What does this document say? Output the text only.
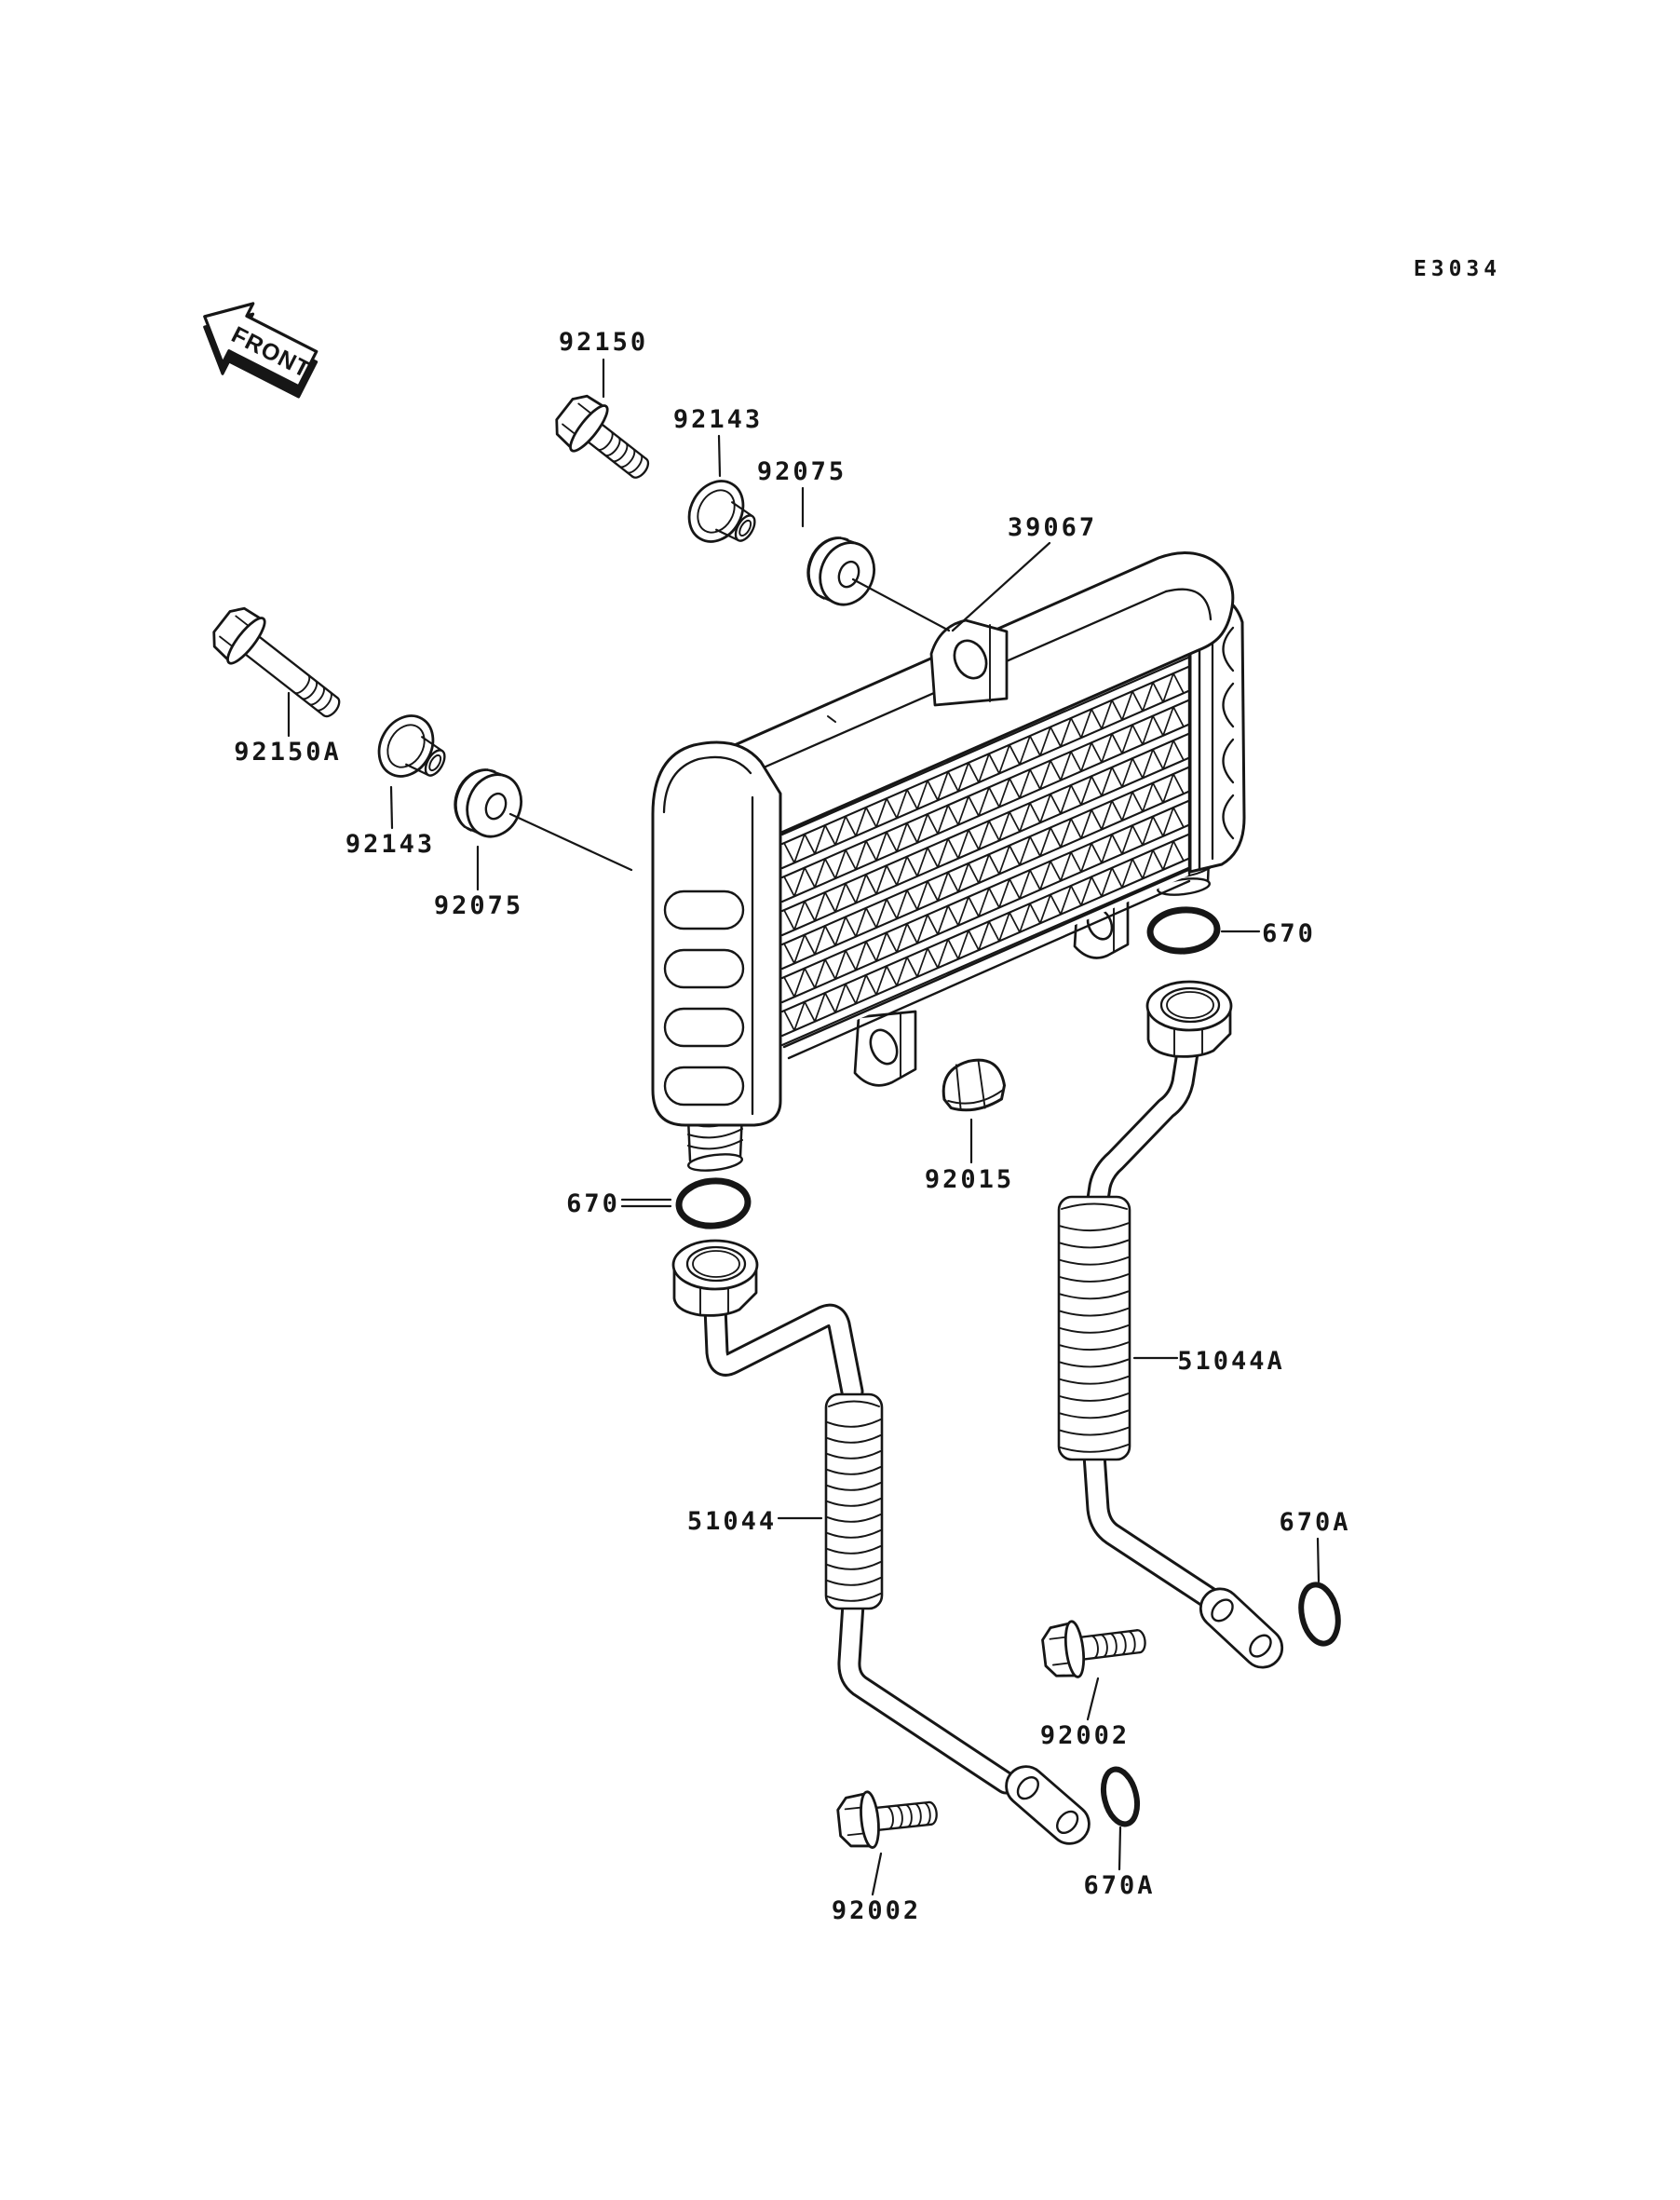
FRONT
E3034
92150
92143
92075
39067
92150A
92143
92075
670
92015
670
51044A
51044	670A
92002
670A
92002
